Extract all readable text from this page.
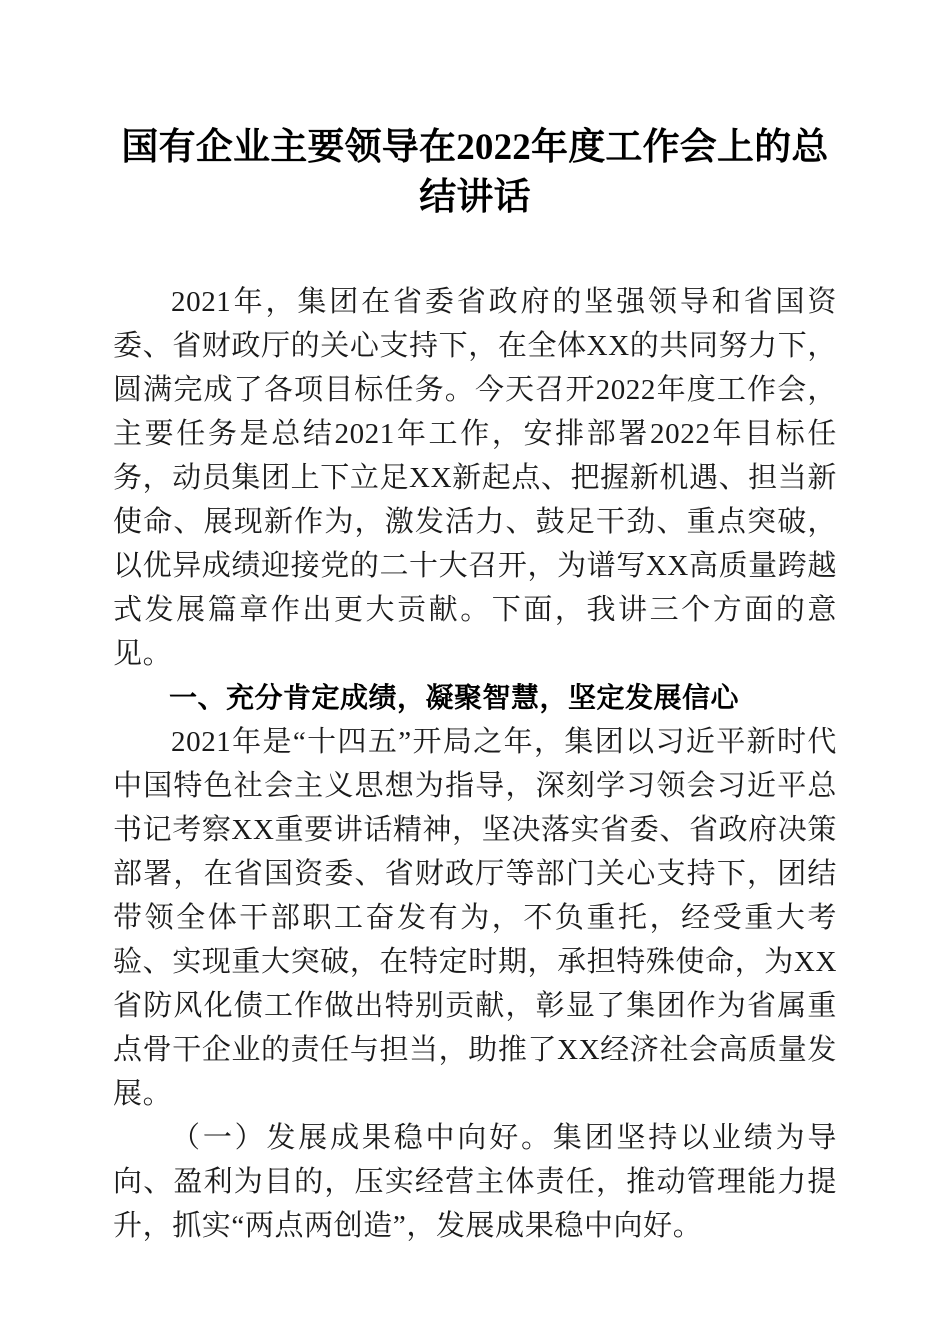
国有企业主要领导在2022年度工作会上的总结讲话

2021年，集团在省委省政府的坚强领导和省国资委、省财政厅的关心支持下，在全体XX的共同努力下，圆满完成了各项目标任务。今天召开2022年度工作会，主要任务是总结2021年工作，安排部署2022年目标任务，动员集团上下立足XX新起点、把握新机遇、担当新使命、展现新作为，激发活力、鼓足干劲、重点突破，以优异成绩迎接党的二十大召开，为谱写XX高质量跨越式发展篇章作出更大贡献。下面，我讲三个方面的意见。

一、充分肯定成绩，凝聚智慧，坚定发展信心

2021年是“十四五”开局之年，集团以习近平新时代中国特色社会主义思想为指导，深刻学习领会习近平总书记考察XX重要讲话精神，坚决落实省委、省政府决策部署，在省国资委、省财政厅等部门关心支持下，团结带领全体干部职工奋发有为，不负重托，经受重大考验、实现重大突破，在特定时期，承担特殊使命，为XX省防风化债工作做出特别贡献，彰显了集团作为省属重点骨干企业的责任与担当，助推了XX经济社会高质量发展。

（一）发展成果稳中向好。集团坚持以业绩为导向、盈利为目的，压实经营主体责任，推动管理能力提升，抓实“两点两创造”，发展成果稳中向好。
